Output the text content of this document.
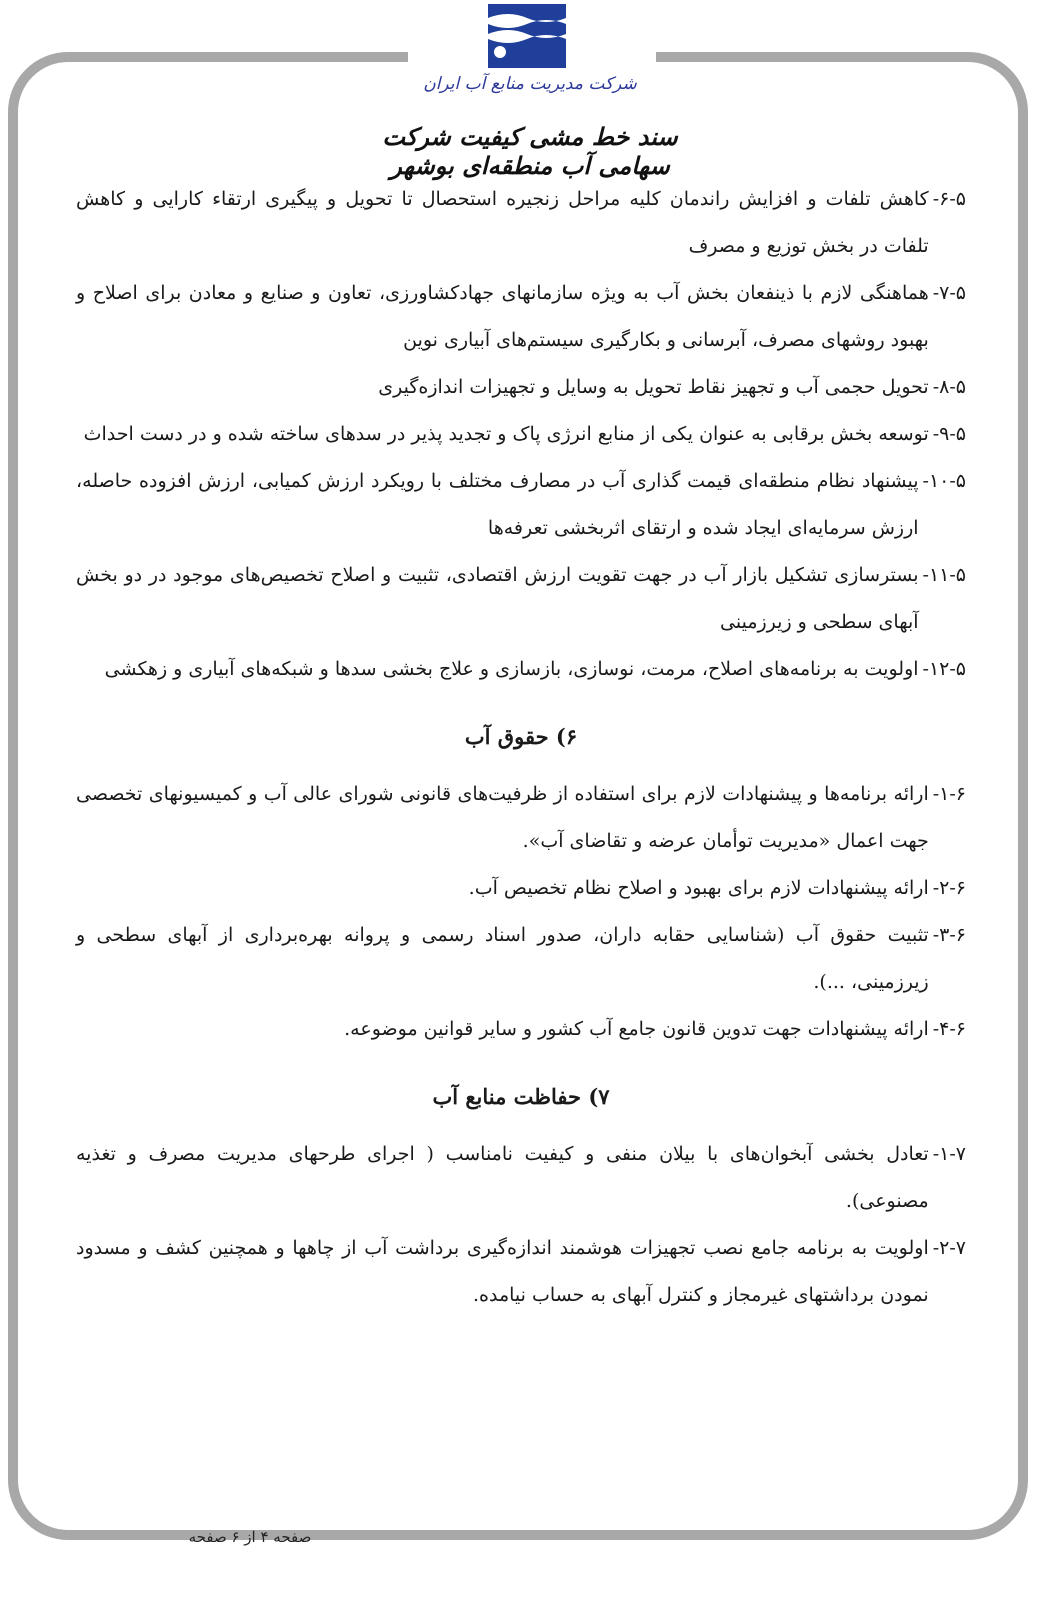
شرکت مدیریت منابع آب ایران
سند خط مشی کیفیت شرکت سهامی آب منطقه‌ای بوشهر
۶-۵-
کاهش تلفات و افزایش راندمان کلیه مراحل زنجیره استحصال تا تحویل و پیگیری ارتقاء کارایی و کاهش تلفات در بخش توزیع و مصرف
۷-۵-
هماهنگی لازم با ذینفعان بخش آب به ویژه سازمانهای جهادکشاورزی، تعاون و صنایع و معادن برای اصلاح و بهبود روشهای مصرف، آبرسانی و بکارگیری سیستم‌های آبیاری نوین
۸-۵-
تحویل حجمی آب و تجهیز نقاط تحویل به وسایل و تجهیزات اندازه‌گیری
۹-۵-
توسعه بخش برقابی به عنوان یکی از منابع انرژی پاک و تجدید پذیر در سدهای ساخته شده و در دست احداث
۱۰-۵-
پیشنهاد نظام منطقه‌ای قیمت گذاری آب در مصارف مختلف با رویکرد ارزش کمیابی، ارزش افزوده حاصله، ارزش سرمایه‌ای ایجاد شده و ارتقای اثربخشی تعرفه‌ها
۱۱-۵-
بسترسازی تشکیل بازار آب در جهت تقویت ارزش اقتصادی، تثبیت و اصلاح تخصیص‌های موجود در دو بخش آبهای سطحی و زیرزمینی
۱۲-۵-
اولویت به برنامه‌های اصلاح، مرمت، نوسازی، بازسازی و علاج بخشی سدها و شبکه‌های آبیاری و زهکشی
۶) حقوق آب
۱-۶-
ارائه برنامه‌ها و پیشنهادات لازم برای استفاده از ظرفیت‌های قانونی شورای عالی آب و کمیسیونهای تخصصی جهت اعمال «مدیریت توأمان عرضه و تقاضای آب».
۲-۶-
ارائه پیشنهادات لازم برای بهبود و اصلاح نظام تخصیص آب.
۳-۶-
تثبیت حقوق آب (شناسایی حقابه داران، صدور اسناد رسمی و پروانه بهره‌برداری از آبهای سطحی و زیرزمینی، ...).
۴-۶-
ارائه پیشنهادات جهت تدوین قانون جامع آب کشور و سایر قوانین موضوعه.
۷) حفاظت منابع آب
۱-۷-
تعادل بخشی آبخوان‌های با بیلان منفی و کیفیت نامناسب ( اجرای طرحهای مدیریت مصرف و تغذیه مصنوعی).
۲-۷-
اولویت به برنامه جامع نصب تجهیزات هوشمند اندازه‌گیری برداشت آب از چاهها و همچنین کشف و مسدود نمودن برداشتهای غیرمجاز و کنترل آبهای به حساب نیامده.
صفحه ۴ از ۶ صفحه
